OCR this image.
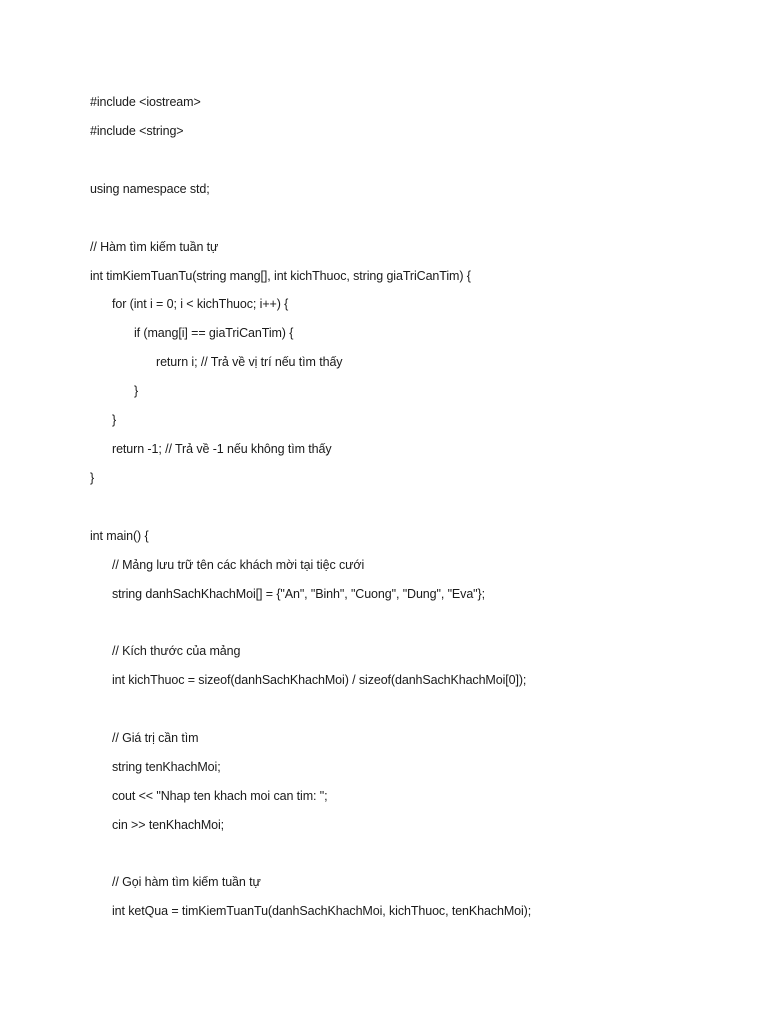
#include <iostream>
#include <string>
using namespace std;
// Hàm tìm kiếm tuần tự
int timKiemTuanTu(string mang[], int kichThuoc, string giaTriCanTim) {
for (int i = 0; i < kichThuoc; i++) {
if (mang[i] == giaTriCanTim) {
return i; // Trả về vị trí nếu tìm thấy
}
}
return -1; // Trả về -1 nếu không tìm thấy
}
int main() {
// Mảng lưu trữ tên các khách mời tại tiệc cưới
string danhSachKhachMoi[] = {"An", "Binh", "Cuong", "Dung", "Eva"};
// Kích thước của mảng
int kichThuoc = sizeof(danhSachKhachMoi) / sizeof(danhSachKhachMoi[0]);
// Giá trị cần tìm
string tenKhachMoi;
cout << "Nhap ten khach moi can tim: ";
cin >> tenKhachMoi;
// Gọi hàm tìm kiếm tuần tự
int ketQua = timKiemTuanTu(danhSachKhachMoi, kichThuoc, tenKhachMoi);
